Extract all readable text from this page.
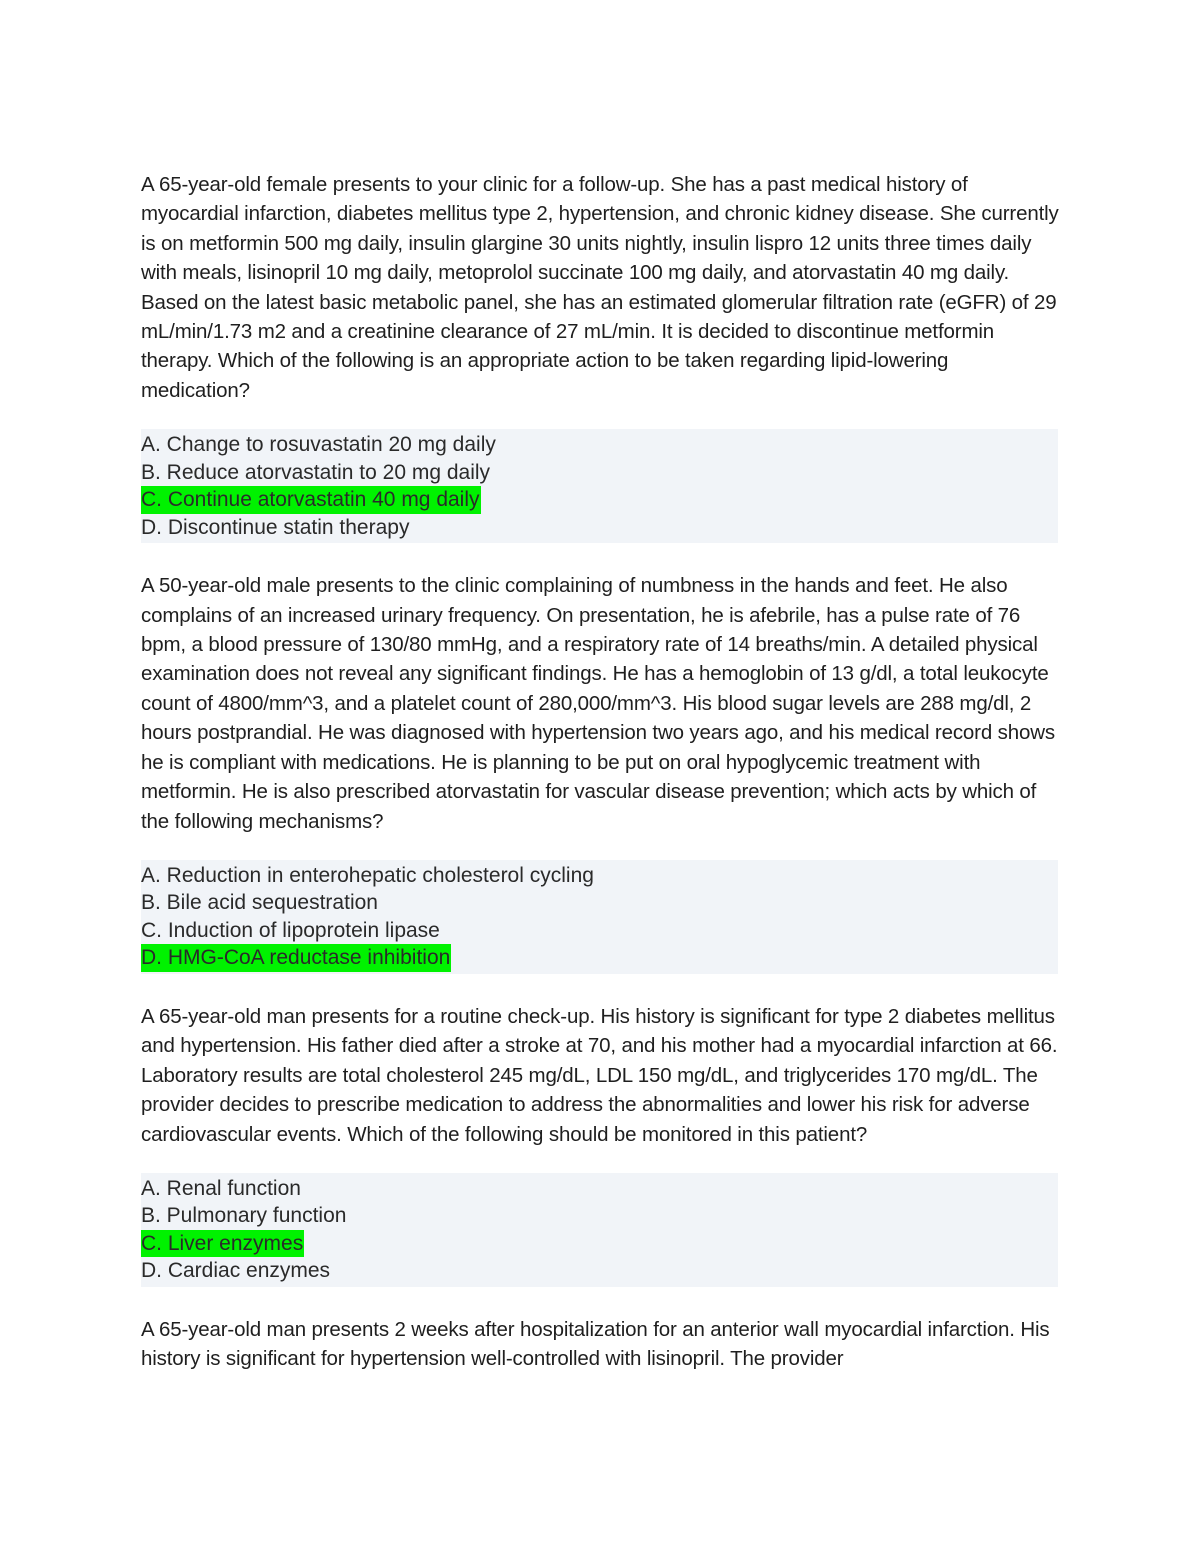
A 65-year-old female presents to your clinic for a follow-up. She has a past medical history of myocardial infarction, diabetes mellitus type 2, hypertension, and chronic kidney disease. She currently is on metformin 500 mg daily, insulin glargine 30 units nightly, insulin lispro 12 units three times daily with meals, lisinopril 10 mg daily, metoprolol succinate 100 mg daily, and atorvastatin 40 mg daily. Based on the latest basic metabolic panel, she has an estimated glomerular filtration rate (eGFR) of 29 mL/min/1.73 m2 and a creatinine clearance of 27 mL/min. It is decided to discontinue metformin therapy. Which of the following is an appropriate action to be taken regarding lipid-lowering medication?

A. Change to rosuvastatin 20 mg daily
B. Reduce atorvastatin to 20 mg daily
C. Continue atorvastatin 40 mg daily
D. Discontinue statin therapy

A 50-year-old male presents to the clinic complaining of numbness in the hands and feet. He also complains of an increased urinary frequency. On presentation, he is afebrile, has a pulse rate of 76 bpm, a blood pressure of 130/80 mmHg, and a respiratory rate of 14 breaths/min. A detailed physical examination does not reveal any significant findings. He has a hemoglobin of 13 g/dl, a total leukocyte count of 4800/mm^3, and a platelet count of 280,000/mm^3. His blood sugar levels are 288 mg/dl, 2 hours postprandial. He was diagnosed with hypertension two years ago, and his medical record shows he is compliant with medications. He is planning to be put on oral hypoglycemic treatment with metformin. He is also prescribed atorvastatin for vascular disease prevention; which acts by which of the following mechanisms?

A. Reduction in enterohepatic cholesterol cycling
B. Bile acid sequestration
C. Induction of lipoprotein lipase
D. HMG-CoA reductase inhibition

A 65-year-old man presents for a routine check-up. His history is significant for type 2 diabetes mellitus and hypertension. His father died after a stroke at 70, and his mother had a myocardial infarction at 66. Laboratory results are total cholesterol 245 mg/dL, LDL 150 mg/dL, and triglycerides 170 mg/dL. The provider decides to prescribe medication to address the abnormalities and lower his risk for adverse cardiovascular events. Which of the following should be monitored in this patient?

A. Renal function
B. Pulmonary function
C. Liver enzymes
D. Cardiac enzymes

A 65-year-old man presents 2 weeks after hospitalization for an anterior wall myocardial infarction. His history is significant for hypertension well-controlled with lisinopril. The provider
